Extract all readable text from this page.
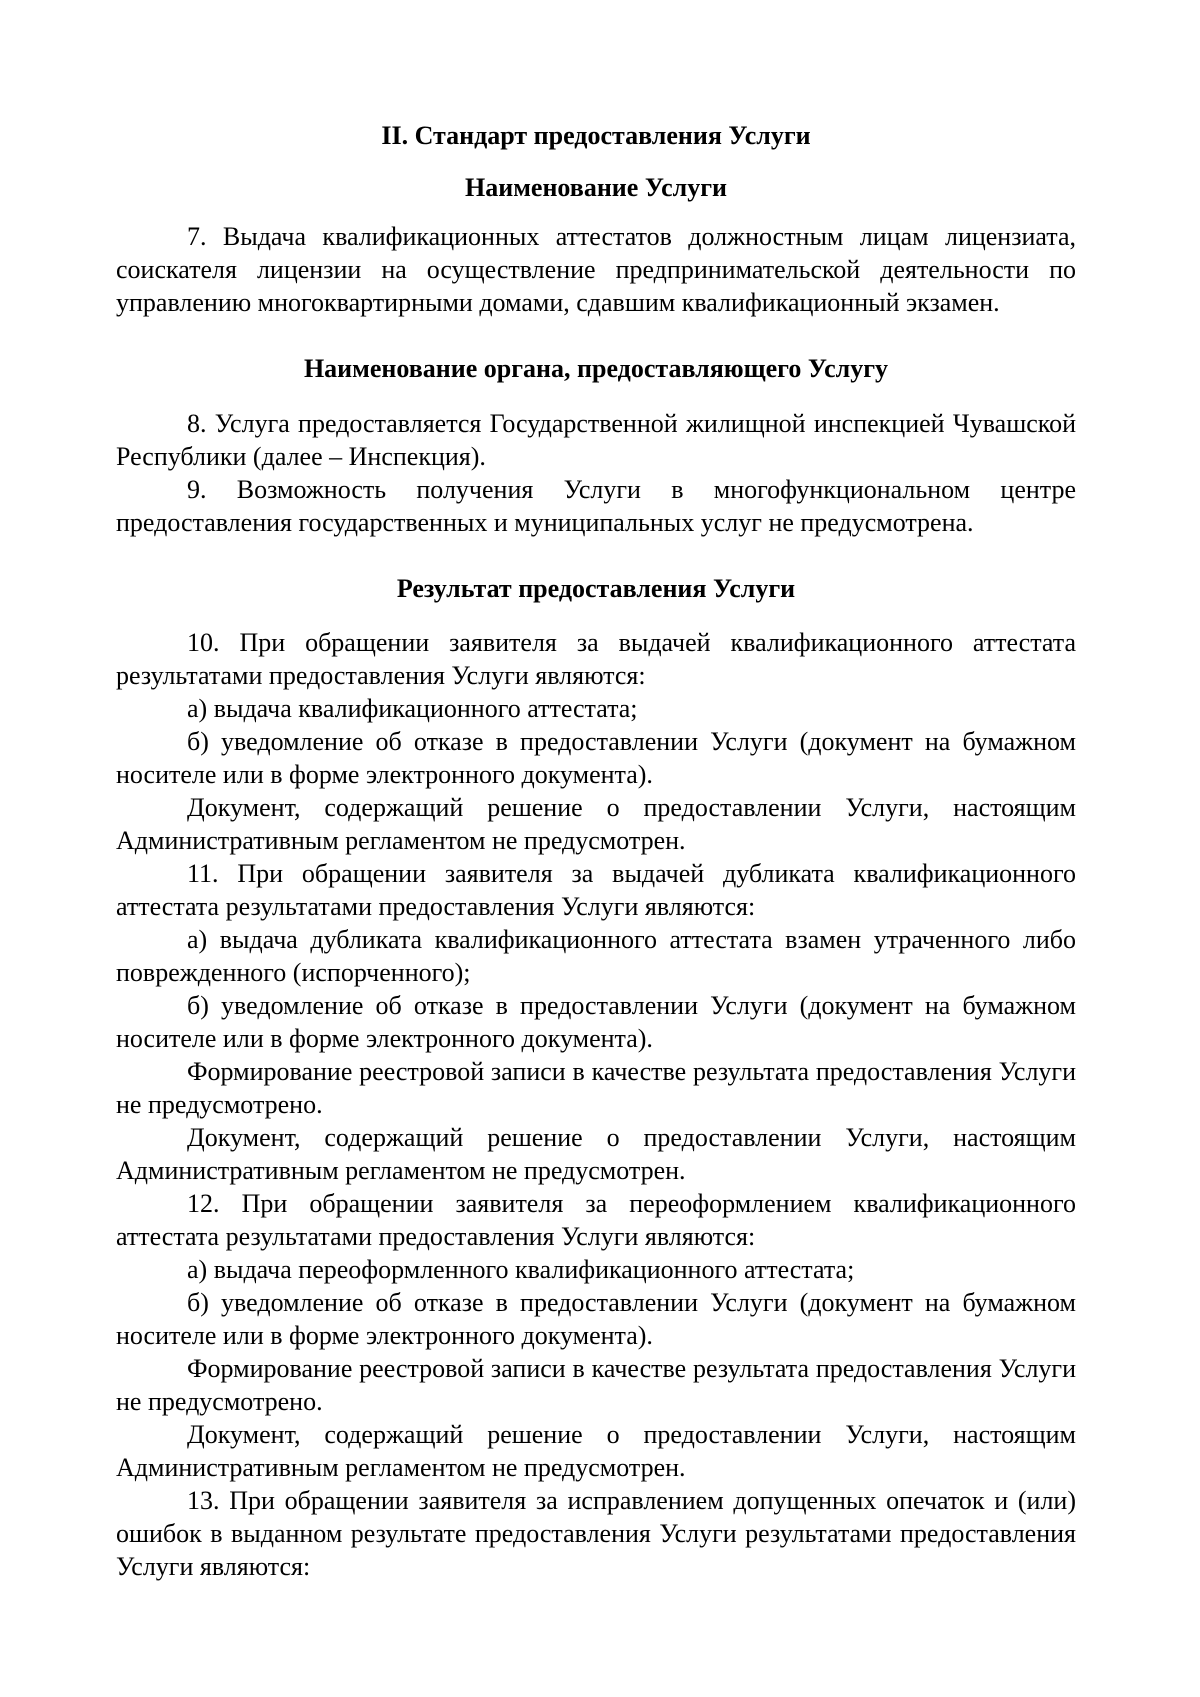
II. Стандарт предоставления Услуги
Наименование Услуги

7. Выдача квалификационных аттестатов должностным лицам лицензиата, соискателя лицензии на осуществление предпринимательской деятельности по управлению многоквартирными домами, сдавшим квалификационный экзамен.

Наименование органа, предоставляющего Услугу

8. Услуга предоставляется Государственной жилищной инспекцией Чувашской Республики (далее – Инспекция).

9. Возможность получения Услуги в многофункциональном центре предоставления государственных и муниципальных услуг не предусмотрена.

Результат предоставления Услуги

10. При обращении заявителя за выдачей квалификационного аттестата результатами предоставления Услуги являются:

а) выдача квалификационного аттестата;

б) уведомление об отказе в предоставлении Услуги (документ на бумажном носителе или в форме электронного документа).

Документ, содержащий решение о предоставлении Услуги, настоящим Административным регламентом не предусмотрен.

11. При обращении заявителя за выдачей дубликата квалификационного аттестата результатами предоставления Услуги являются:

а) выдача дубликата квалификационного аттестата взамен утраченного либо поврежденного (испорченного);

б) уведомление об отказе в предоставлении Услуги (документ на бумажном носителе или в форме электронного документа).

Формирование реестровой записи в качестве результата предоставления Услуги не предусмотрено.

Документ, содержащий решение о предоставлении Услуги, настоящим Административным регламентом не предусмотрен.

12. При обращении заявителя за переоформлением квалификационного аттестата результатами предоставления Услуги являются:

а) выдача переоформленного квалификационного аттестата;

б) уведомление об отказе в предоставлении Услуги (документ на бумажном носителе или в форме электронного документа).

Формирование реестровой записи в качестве результата предоставления Услуги не предусмотрено.

Документ, содержащий решение о предоставлении Услуги, настоящим Административным регламентом не предусмотрен.

13. При обращении заявителя за исправлением допущенных опечаток и (или) ошибок в выданном результате предоставления Услуги результатами предоставления Услуги являются:
